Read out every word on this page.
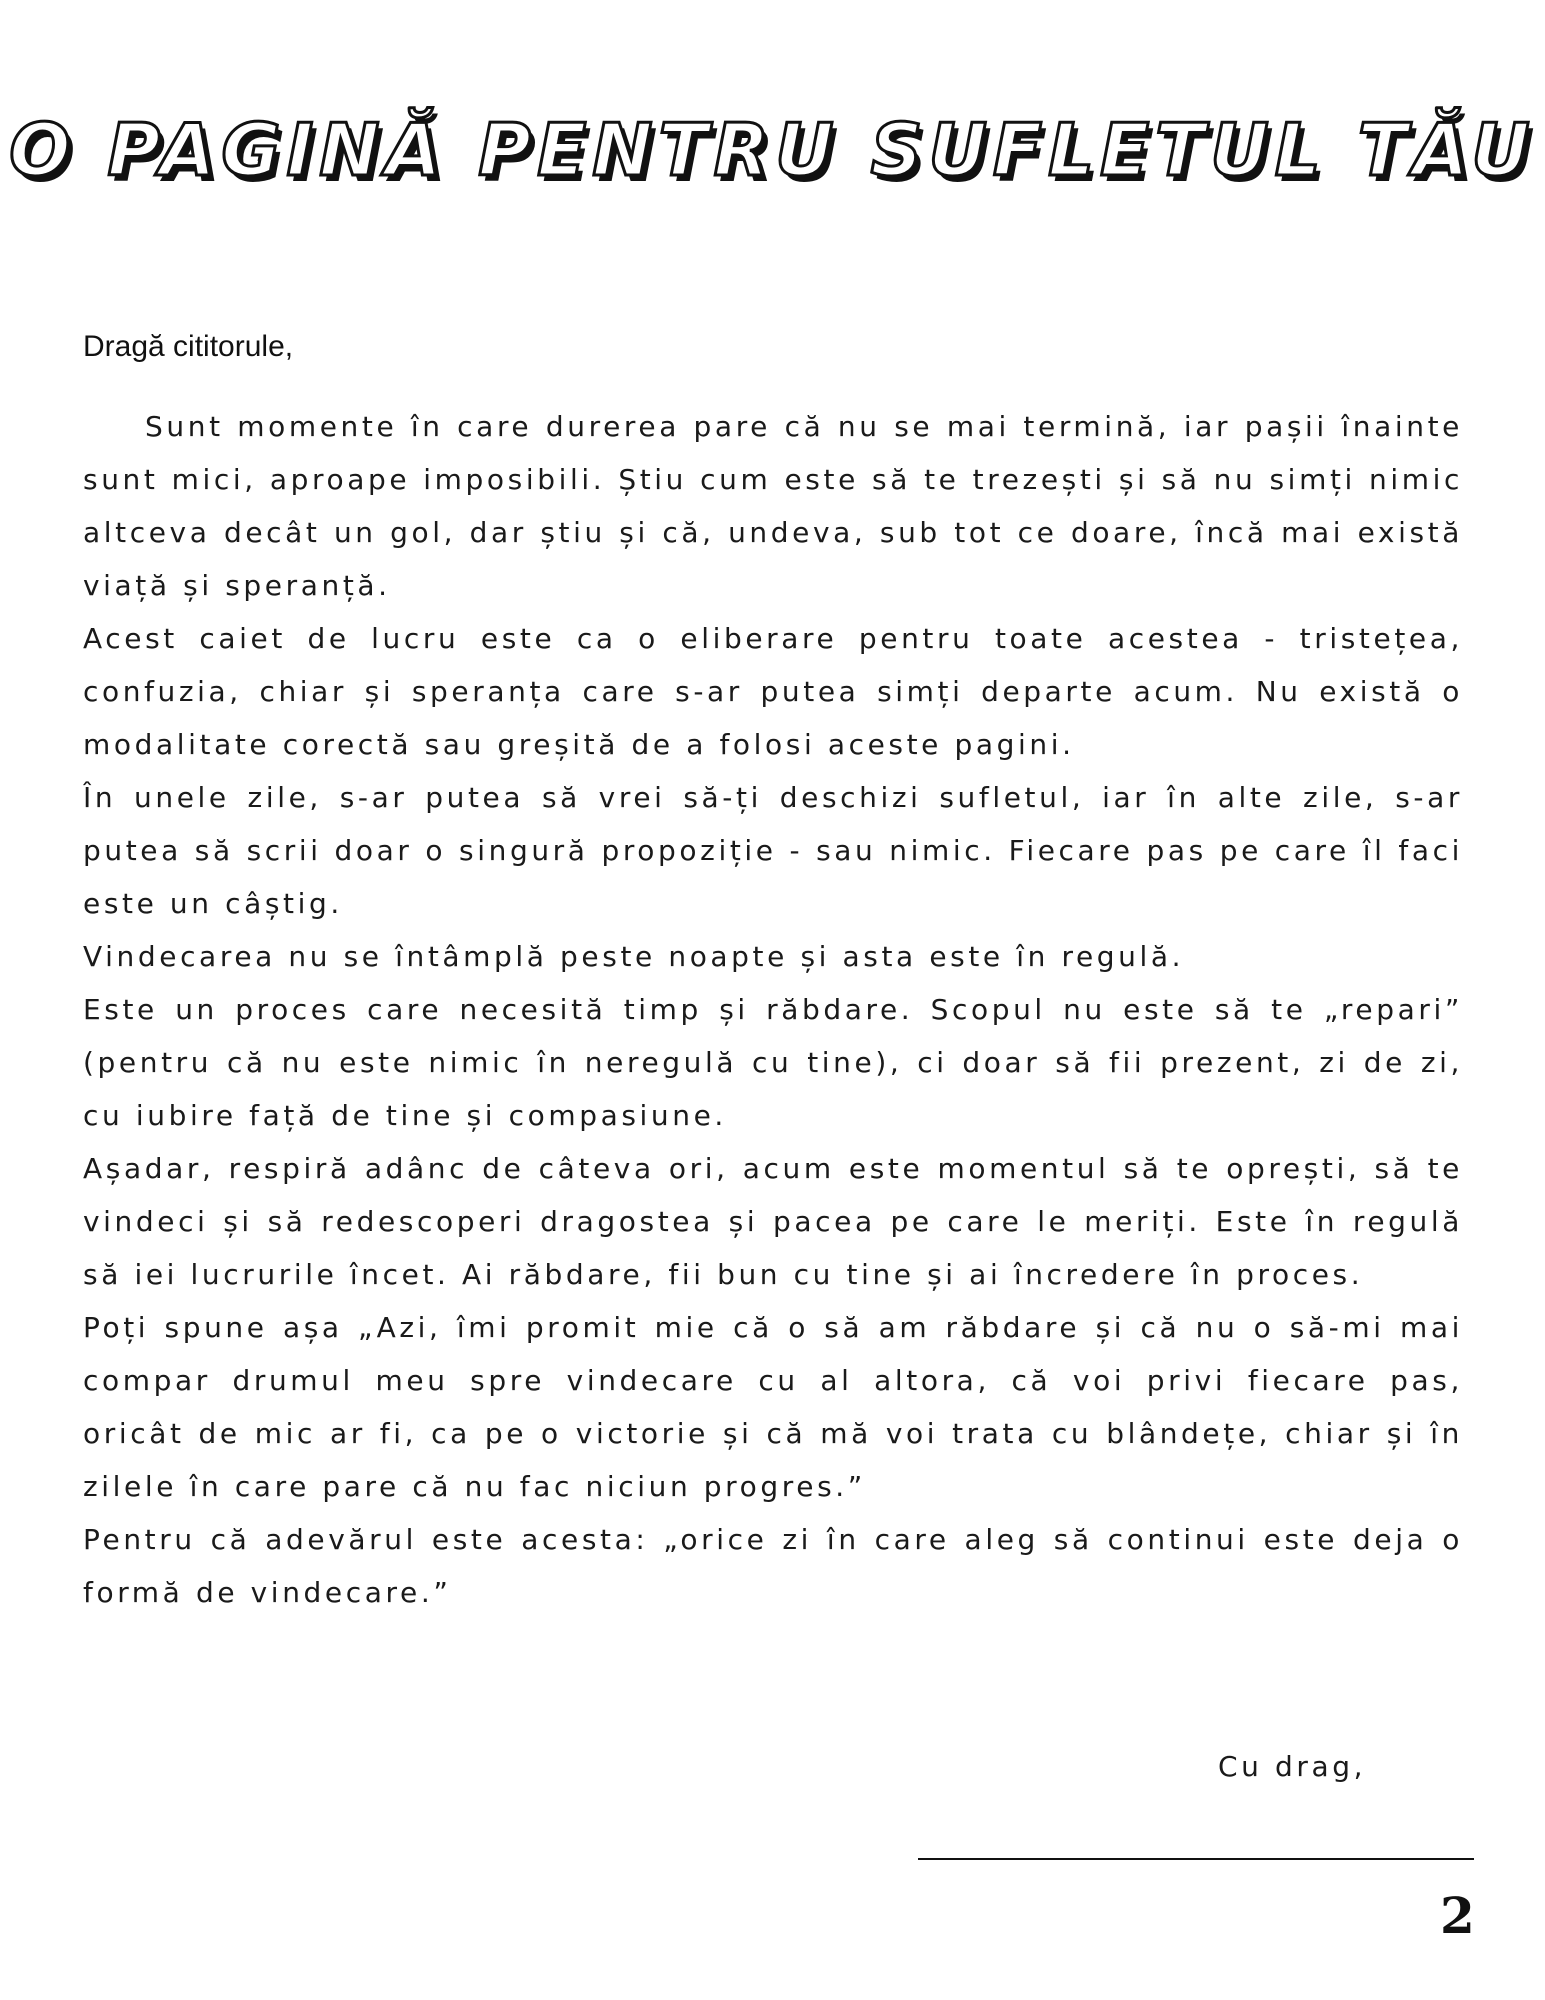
O PAGINĂ PENTRU SUFLETUL TĂU

Dragă cititorule,

Sunt momente în care durerea pare că nu se mai termină, iar pașii înainte sunt mici, aproape imposibili. Știu cum este să te trezești și să nu simți nimic altceva decât un gol, dar știu și că, undeva, sub tot ce doare, încă mai există viață și speranță.

Acest caiet de lucru este ca o eliberare pentru toate acestea - tristețea, confuzia, chiar și speranța care s-ar putea simți departe acum. Nu există o modalitate corectă sau greșită de a folosi aceste pagini.

În unele zile, s-ar putea să vrei să-ți deschizi sufletul, iar în alte zile, s-ar putea să scrii doar o singură propoziție - sau nimic. Fiecare pas pe care îl faci este un câștig.

Vindecarea nu se întâmplă peste noapte și asta este în regulă.

Este un proces care necesită timp și răbdare. Scopul nu este să te „repari” (pentru că nu este nimic în neregulă cu tine), ci doar să fii prezent, zi de zi, cu iubire față de tine și compasiune.

Așadar, respiră adânc de câteva ori, acum este momentul să te oprești, să te vindeci și să redescoperi dragostea și pacea pe care le meriți. Este în regulă să iei lucrurile încet. Ai răbdare, fii bun cu tine și ai încredere în proces.

Poți spune așa „Azi, îmi promit mie că o să am răbdare și că nu o să-mi mai compar drumul meu spre vindecare cu al altora, că voi privi fiecare pas, oricât de mic ar fi, ca pe o victorie și că mă voi trata cu blândețe, chiar și în zilele în care pare că nu fac niciun progres.”

Pentru că adevărul este acesta: „orice zi în care aleg să continui este deja o formă de vindecare.”

Cu drag,

2
